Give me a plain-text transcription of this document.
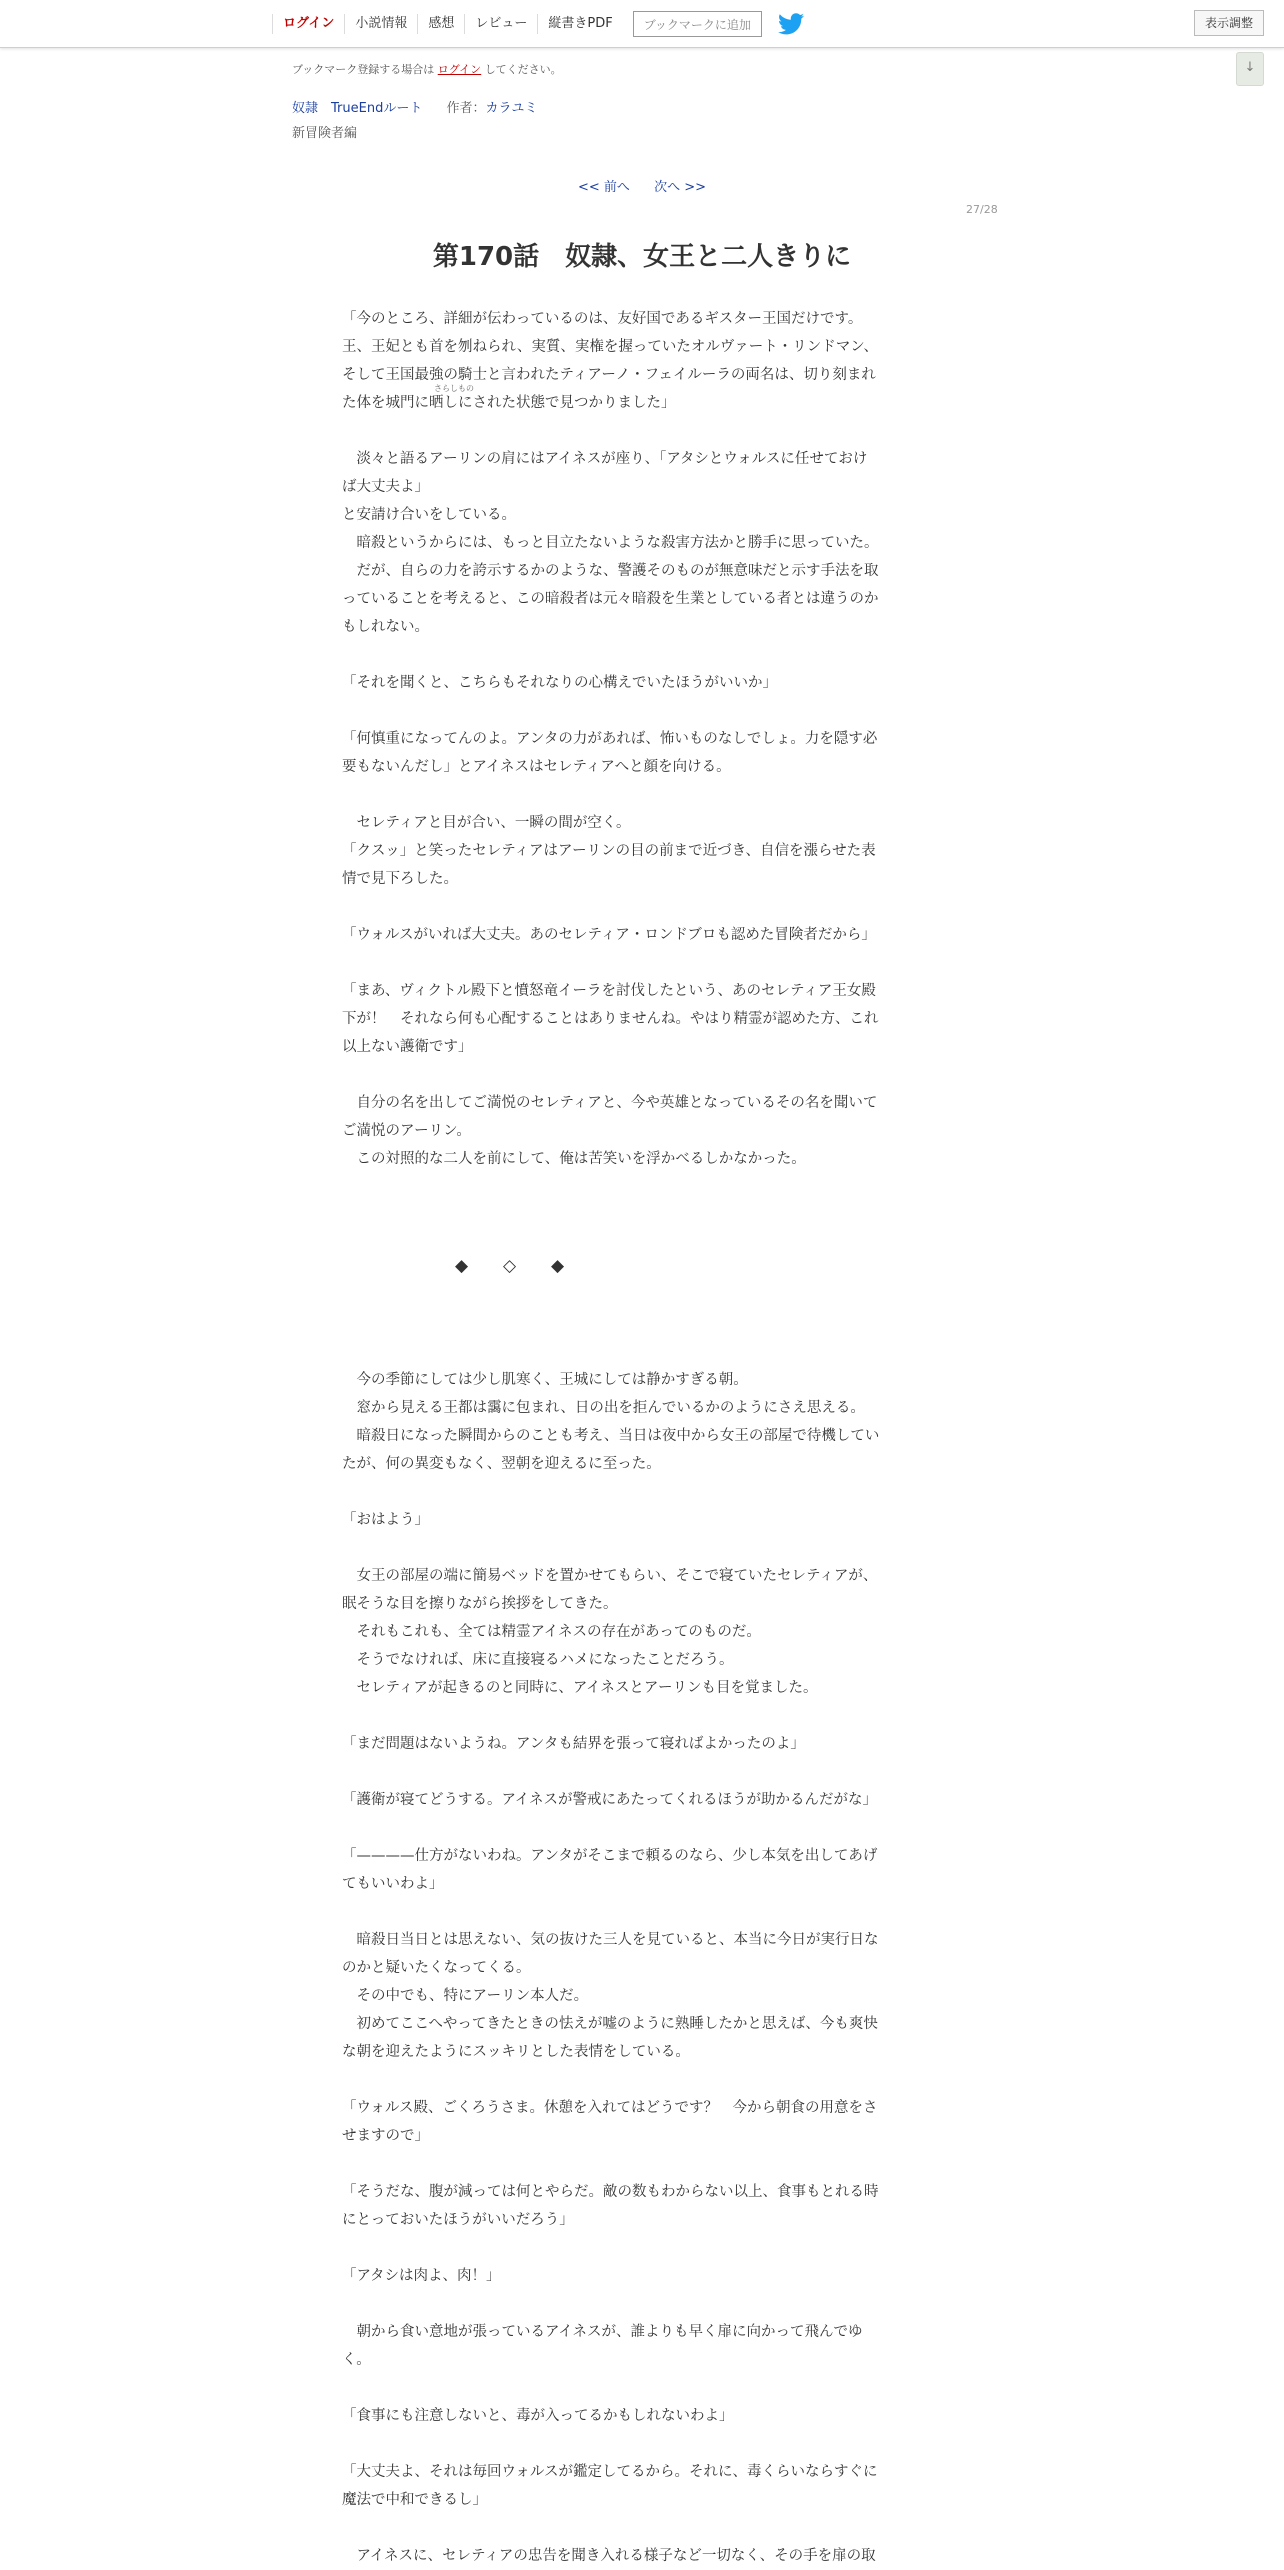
ログイン	小説情報	感想	レビュー	縦書きPDF	ブックマークに追加	表示調整
↓
ブックマーク登録する場合は ログイン してください。
奴隷　TrueEndルート 作者：カラユミ
新冒険者編
<< 前へ 次へ >>
27/28
第170話　奴隷、女王と二人きりに
さらしもの

「今のところ、詳細が伝わっているのは、友好国であるギスター王国だけです。

王、王妃とも首を刎ねられ、実質、実権を握っていたオルヴァート・リンドマン、

そして王国最強の騎士と言われたティアーノ・フェイルーラの両名は、切り刻まれ

た体を城門に晒しにされた状態で見つかりました」

　淡々と語るアーリンの肩にはアイネスが座り、「アタシとウォルスに任せておけ

ば大丈夫よ」

と安請け合いをしている。

　暗殺というからには、もっと目立たないような殺害方法かと勝手に思っていた。

　だが、自らの力を誇示するかのような、警護そのものが無意味だと示す手法を取

っていることを考えると、この暗殺者は元々暗殺を生業としている者とは違うのか

もしれない。

「それを聞くと、こちらもそれなりの心構えでいたほうがいいか」

「何慎重になってんのよ。アンタの力があれば、怖いものなしでしょ。力を隠す必

要もないんだし」とアイネスはセレティアへと顔を向ける。

　セレティアと目が合い、一瞬の間が空く。

「クスッ」と笑ったセレティアはアーリンの目の前まで近づき、自信を漲らせた表

情で見下ろした。

「ウォルスがいれば大丈夫。あのセレティア・ロンドブロも認めた冒険者だから」

「まあ、ヴィクトル殿下と憤怒竜イーラを討伐したという、あのセレティア王女殿

下が！　それなら何も心配することはありませんね。やはり精霊が認めた方、これ

以上ない護衛です」

　自分の名を出してご満悦のセレティアと、今や英雄となっているその名を聞いて

ご満悦のアーリン。

　この対照的な二人を前にして、俺は苦笑いを浮かべるしかなかった。

◆ ◇ ◆

　今の季節にしては少し肌寒く、王城にしては静かすぎる朝。

　窓から見える王都は靄に包まれ、日の出を拒んでいるかのようにさえ思える。

　暗殺日になった瞬間からのことも考え、当日は夜中から女王の部屋で待機してい

たが、何の異変もなく、翌朝を迎えるに至った。

「おはよう」

　女王の部屋の端に簡易ベッドを置かせてもらい、そこで寝ていたセレティアが、

眠そうな目を擦りながら挨拶をしてきた。

　それもこれも、全ては精霊アイネスの存在があってのものだ。

　そうでなければ、床に直接寝るハメになったことだろう。

　セレティアが起きるのと同時に、アイネスとアーリンも目を覚ました。

「まだ問題はないようね。アンタも結界を張って寝ればよかったのよ」

「護衛が寝てどうする。アイネスが警戒にあたってくれるほうが助かるんだがな」

「————仕方がないわね。アンタがそこまで頼るのなら、少し本気を出してあげ

てもいいわよ」

　暗殺日当日とは思えない、気の抜けた三人を見ていると、本当に今日が実行日な

のかと疑いたくなってくる。

　その中でも、特にアーリン本人だ。

　初めてここへやってきたときの怯えが嘘のように熟睡したかと思えば、今も爽快

な朝を迎えたようにスッキリとした表情をしている。

「ウォルス殿、ごくろうさま。休憩を入れてはどうです？　今から朝食の用意をさ

せますので」

「そうだな、腹が減っては何とやらだ。敵の数もわからない以上、食事もとれる時

にとっておいたほうがいいだろう」

「アタシは肉よ、肉！」

　朝から食い意地が張っているアイネスが、誰よりも早く扉に向かって飛んでゆ

く。

「食事にも注意しないと、毒が入ってるかもしれないわよ」

「大丈夫よ、それは毎回ウォルスが鑑定してるから。それに、毒くらいならすぐに

魔法で中和できるし」

　アイネスに、セレティアの忠告を聞き入れる様子など一切なく、その手を扉の取
